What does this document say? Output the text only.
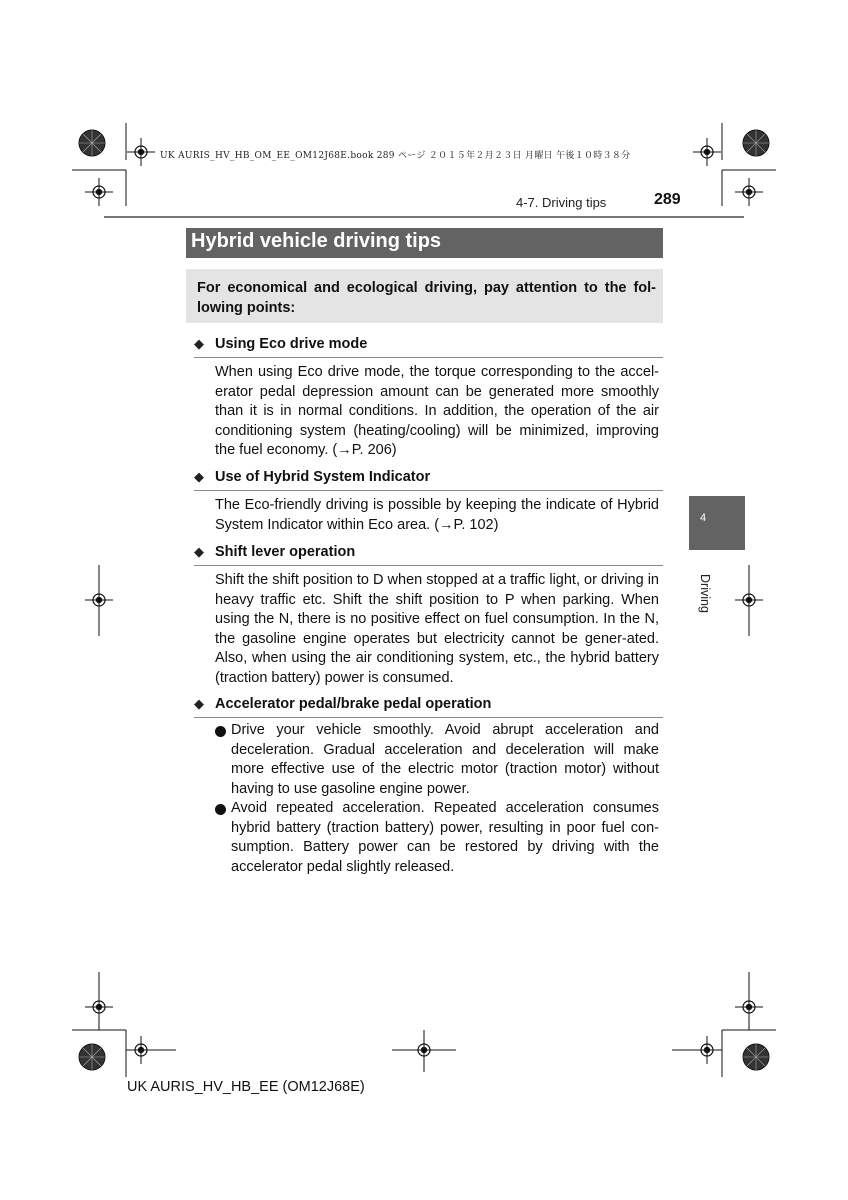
UK AURIS_HV_HB_OM_EE_OM12J68E.book 289 ページ ２０１５年２月２３日 月曜日 午後１０時３８分
4-7. Driving tips	289
Hybrid vehicle driving tips
For economical and ecological driving, pay attention to the fol-lowing points:
◆ Using Eco drive mode
When using Eco drive mode, the torque corresponding to the accel-erator pedal depression amount can be generated more smoothly than it is in normal conditions. In addition, the operation of the air conditioning system (heating/cooling) will be minimized, improving the fuel economy. (→P. 206)
◆ Use of Hybrid System Indicator
The Eco-friendly driving is possible by keeping the indicate of Hybrid System Indicator within Eco area. (→P. 102)
◆ Shift lever operation
Shift the shift position to D when stopped at a traffic light, or driving in heavy traffic etc. Shift the shift position to P when parking. When using the N, there is no positive effect on fuel consumption. In the N, the gasoline engine operates but electricity cannot be gener-ated. Also, when using the air conditioning system, etc., the hybrid battery (traction battery) power is consumed.
◆ Accelerator pedal/brake pedal operation
Drive your vehicle smoothly. Avoid abrupt acceleration and deceleration. Gradual acceleration and deceleration will make more effective use of the electric motor (traction motor) without having to use gasoline engine power.
Avoid repeated acceleration. Repeated acceleration consumes hybrid battery (traction battery) power, resulting in poor fuel con-sumption. Battery power can be restored by driving with the accelerator pedal slightly released.
4
Driving
UK AURIS_HV_HB_EE (OM12J68E)
